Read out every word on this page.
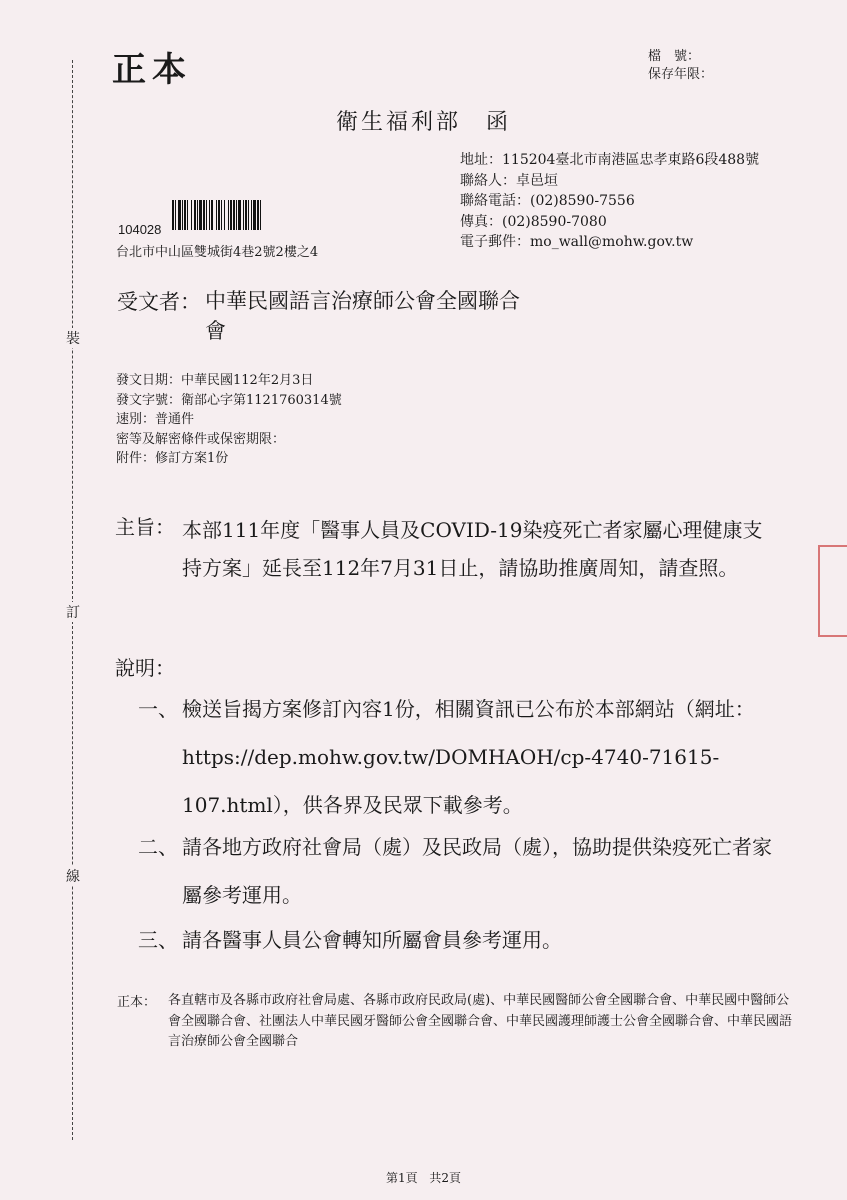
裝
訂
線
正本	檔　號：
保存年限：
衛生福利部　函
地址：115204臺北市南港區忠孝東路6段488號
聯絡人：卓邑垣
聯絡電話：(02)8590-7556
傳真：(02)8590-7080
電子郵件：mo_wall@mohw.gov.tw
104028
台北市中山區雙城街4巷2號2樓之4
受文者： 中華民國語言治療師公會全國聯合會
發文日期：中華民國112年2月3日
發文字號：衛部心字第1121760314號
速別：普通件
密等及解密條件或保密期限：
附件：修訂方案1份
主旨： 本部111年度「醫事人員及COVID-19染疫死亡者家屬心理健康支持方案」延長至112年7月31日止，請協助推廣周知，請查照。
說明：
一、 檢送旨揭方案修訂內容1份，相關資訊已公布於本部網站（網址：https://dep.mohw.gov.tw/DOMHAOH/cp-4740-71615-107.html），供各界及民眾下載參考。
二、 請各地方政府社會局（處）及民政局（處），協助提供染疫死亡者家屬參考運用。
三、 請各醫事人員公會轉知所屬會員參考運用。
正本： 各直轄市及各縣市政府社會局處、各縣市政府民政局(處)、中華民國醫師公會全國聯合會、中華民國中醫師公會全國聯合會、社團法人中華民國牙醫師公會全國聯合會、中華民國護理師護士公會全國聯合會、中華民國語言治療師公會全國聯合
第1頁 共2頁
